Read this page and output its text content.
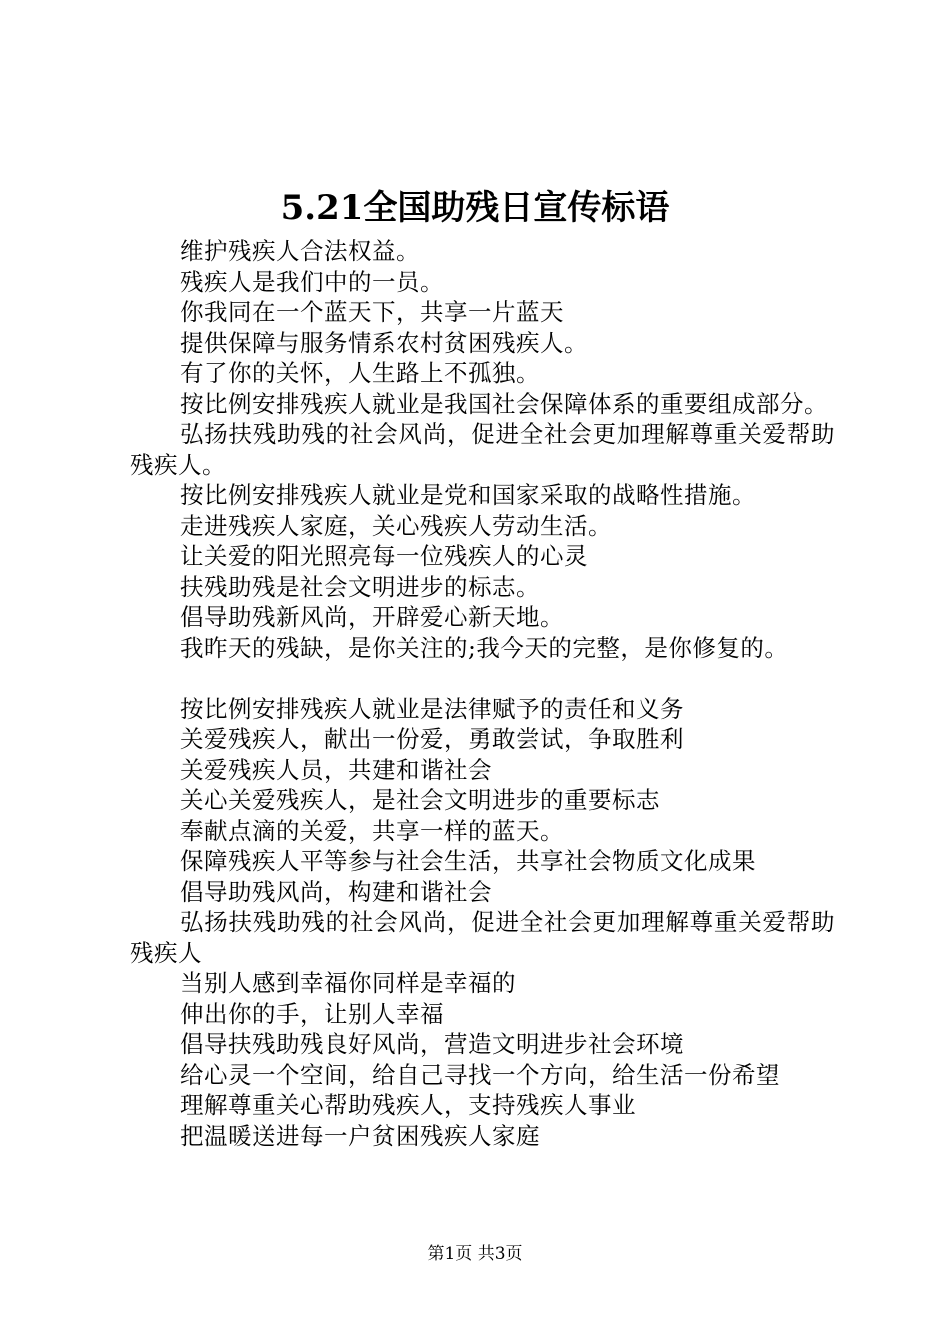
5.21全国助残日宣传标语

维护残疾人合法权益。

残疾人是我们中的一员。

你我同在一个蓝天下，共享一片蓝天

提供保障与服务情系农村贫困残疾人。

有了你的关怀，人生路上不孤独。

按比例安排残疾人就业是我国社会保障体系的重要组成部分。

弘扬扶残助残的社会风尚，促进全社会更加理解尊重关爱帮助残疾人。

按比例安排残疾人就业是党和国家采取的战略性措施。

走进残疾人家庭，关心残疾人劳动生活。

让关爱的阳光照亮每一位残疾人的心灵

扶残助残是社会文明进步的标志。

倡导助残新风尚，开辟爱心新天地。

我昨天的残缺，是你关注的;我今天的完整，是你修复的。

按比例安排残疾人就业是法律赋予的责任和义务

关爱残疾人，献出一份爱，勇敢尝试，争取胜利

关爱残疾人员，共建和谐社会

关心关爱残疾人，是社会文明进步的重要标志

奉献点滴的关爱，共享一样的蓝天。

保障残疾人平等参与社会生活，共享社会物质文化成果

倡导助残风尚，构建和谐社会

弘扬扶残助残的社会风尚，促进全社会更加理解尊重关爱帮助残疾人

当别人感到幸福你同样是幸福的

伸出你的手，让别人幸福

倡导扶残助残良好风尚，营造文明进步社会环境

给心灵一个空间，给自己寻找一个方向，给生活一份希望

理解尊重关心帮助残疾人，支持残疾人事业

把温暖送进每一户贫困残疾人家庭

第1页 共3页
